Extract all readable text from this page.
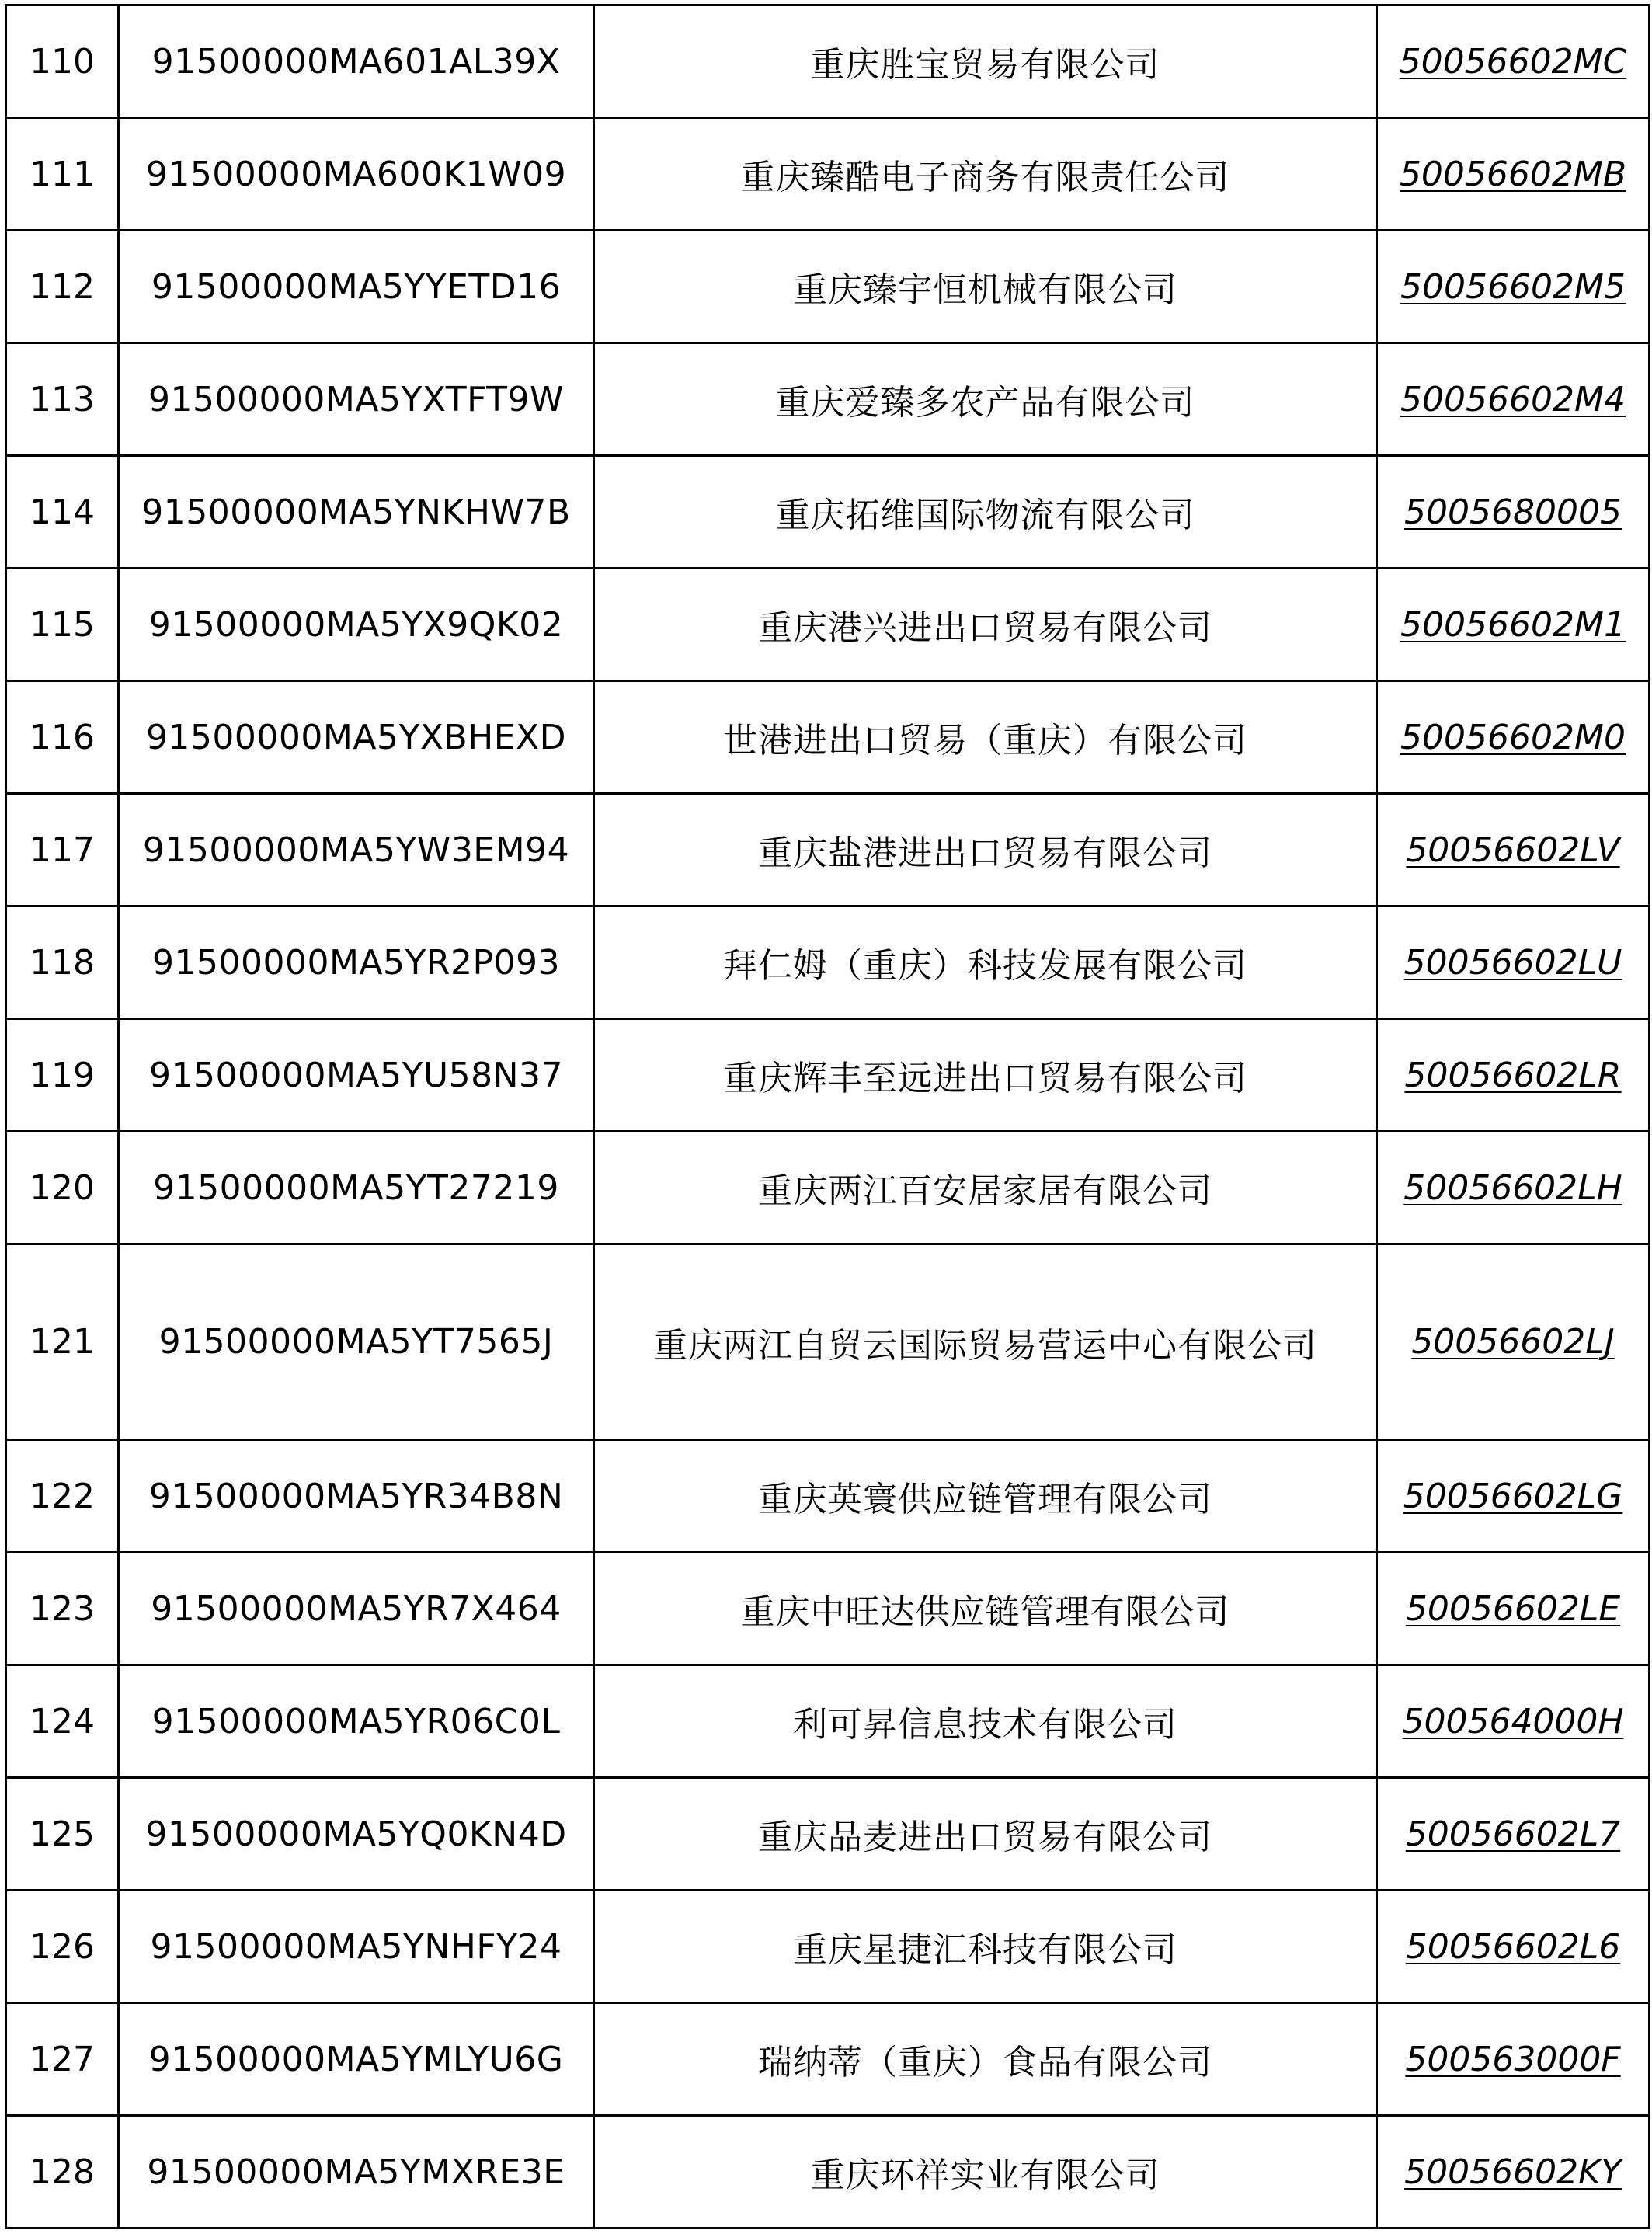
110	91500000MA601AL39X	重庆胜宝贸易有限公司	50056602MC
111	91500000MA600K1W09	重庆臻酷电子商务有限责任公司	50056602MB
112	91500000MA5YYETD16	重庆臻宇恒机械有限公司	50056602M5
113	91500000MA5YXTFT9W	重庆爱臻多农产品有限公司	50056602M4
114	91500000MA5YNKHW7B	重庆拓维国际物流有限公司	5005680005
115	91500000MA5YX9QK02	重庆港兴进出口贸易有限公司	50056602M1
116	91500000MA5YXBHEXD	世港进出口贸易（重庆）有限公司	50056602M0
117	91500000MA5YW3EM94	重庆盐港进出口贸易有限公司	50056602LV
118	91500000MA5YR2P093	拜仁姆（重庆）科技发展有限公司	50056602LU
119	91500000MA5YU58N37	重庆辉丰至远进出口贸易有限公司	50056602LR
120	91500000MA5YT27219	重庆两江百安居家居有限公司	50056602LH
121	91500000MA5YT7565J	重庆两江自贸云国际贸易营运中心有限公司	50056602LJ
122	91500000MA5YR34B8N	重庆英寰供应链管理有限公司	50056602LG
123	91500000MA5YR7X464	重庆中旺达供应链管理有限公司	50056602LE
124	91500000MA5YR06C0L	利可昇信息技术有限公司	500564000H
125	91500000MA5YQ0KN4D	重庆品麦进出口贸易有限公司	50056602L7
126	91500000MA5YNHFY24	重庆星捷汇科技有限公司	50056602L6
127	91500000MA5YMLYU6G	瑞纳蒂（重庆）食品有限公司	500563000F
128	91500000MA5YMXRE3E	重庆环祥实业有限公司	50056602KY
